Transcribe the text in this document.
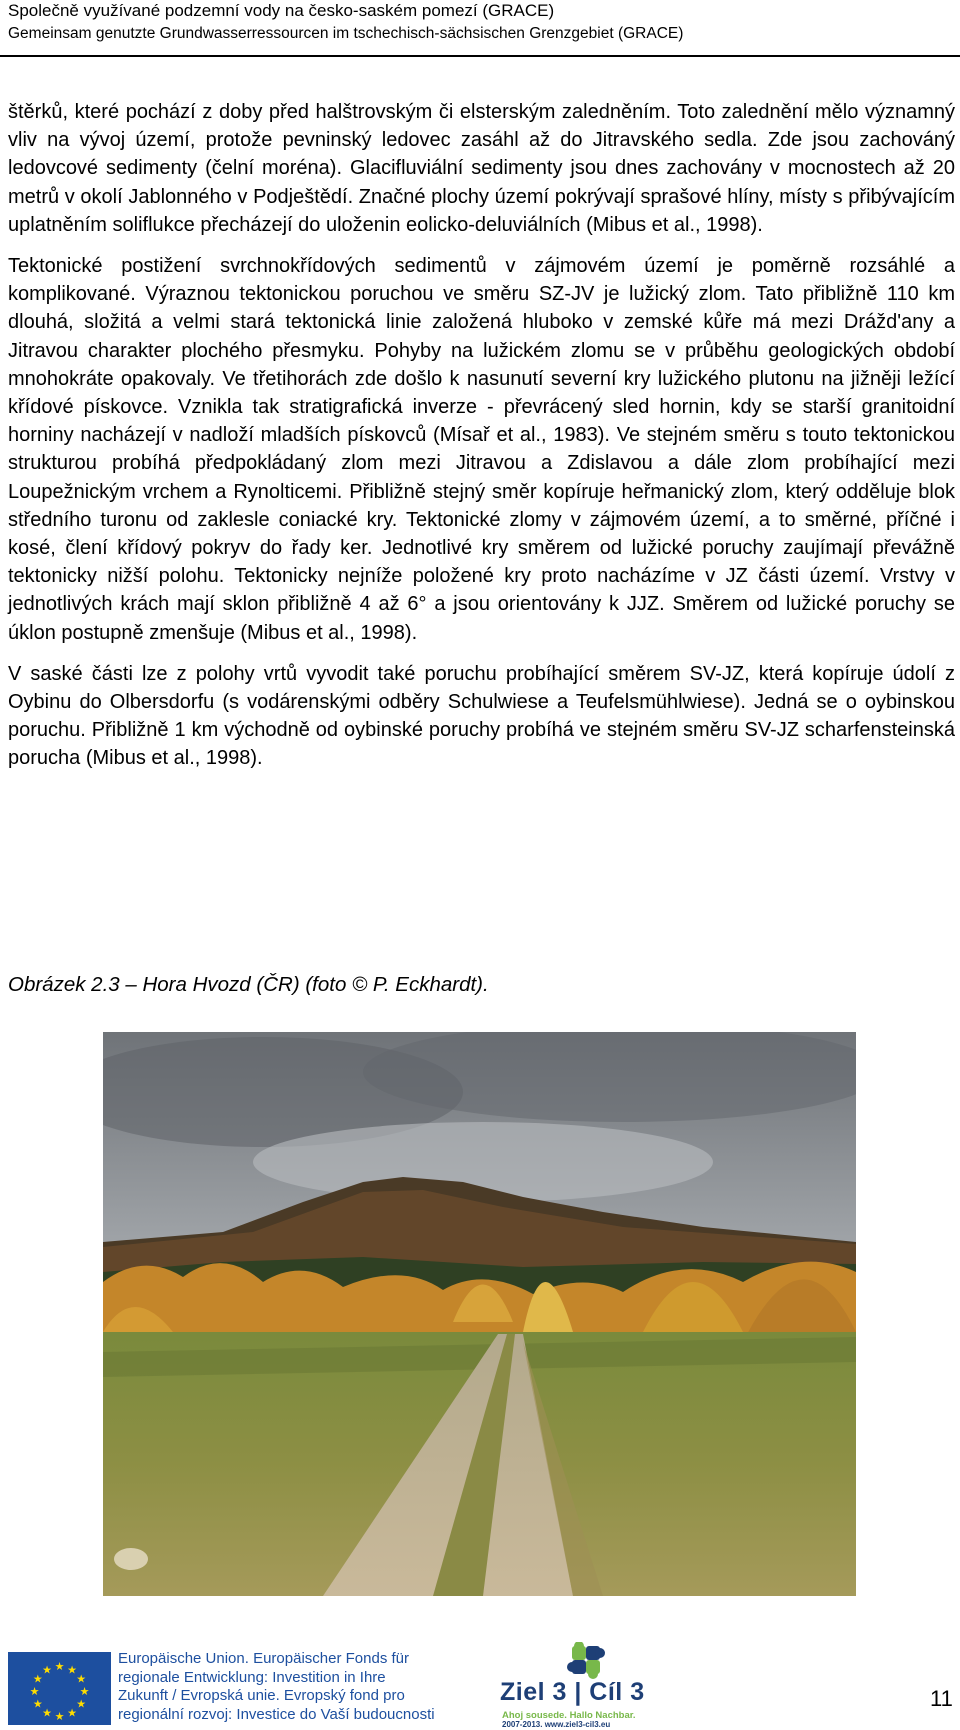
Společně využívané podzemní vody na česko-saském pomezí (GRACE)
Gemeinsam genutzte Grundwasserressourcen im tschechisch-sächsischen Grenzgebiet (GRACE)

štěrků, které pochází z doby před halštrovským či elsterským zaledněním. Toto zalednění mělo významný vliv na vývoj území, protože pevninský ledovec zasáhl až do Jitravského sedla. Zde jsou zachováný ledovcové sedimenty (čelní moréna). Glacifluviální sedimenty jsou dnes zachovány v mocnostech až 20 metrů v okolí Jablonného v Podještědí. Značné plochy území pokrývají sprašové hlíny, místy s přibývajícím uplatněním soliflukce přecházejí do uloženin eolicko-deluviálních (Mibus et al., 1998).

Tektonické postižení svrchnokřídových sedimentů v zájmovém území je poměrně rozsáhlé a komplikované. Výraznou tektonickou poruchou ve směru SZ-JV je lužický zlom. Tato přibližně 110 km dlouhá, složitá a velmi stará tektonická linie založená hluboko v zemské kůře má mezi Drážd'any a Jitravou charakter plochého přesmyku. Pohyby na lužickém zlomu se v průběhu geologických období mnohokráte opakovaly. Ve třetihorách zde došlo k nasunutí severní kry lužického plutonu na jižněji ležící křídové pískovce. Vznikla tak stratigrafická inverze - převrácený sled hornin, kdy se starší granitoidní horniny nacházejí v nadloží mladších pískovců (Mísař et al., 1983). Ve stejném směru s touto tektonickou strukturou probíhá předpokládaný zlom mezi Jitravou a Zdislavou a dále zlom probíhající mezi Loupežnickým vrchem a Rynolticemi. Přibližně stejný směr kopíruje heřmanický zlom, který odděluje blok středního turonu od zaklesle coniacké kry. Tektonické zlomy v zájmovém území, a to směrné, příčné i kosé, člení křídový pokryv do řady ker. Jednotlivé kry směrem od lužické poruchy zaujímají převážně tektonicky nižší polohu. Tektonicky nejníže položené kry proto nacházíme v JZ části území. Vrstvy v jednotlivých krách mají sklon přibližně 4 až 6° a jsou orientovány k JJZ. Směrem od lužické poruchy se úklon postupně zmenšuje (Mibus et al., 1998).

V saské části lze z polohy vrtů vyvodit také poruchu probíhající směrem SV-JZ, která kopíruje údolí z Oybinu do Olbersdorfu (s vodárenskými odběry Schulwiese a Teufelsmühlwiese). Jedná se o oybinskou poruchu. Přibližně 1 km východně od oybinské poruchy probíhá ve stejném směru SV-JZ scharfensteinská porucha (Mibus et al., 1998).

Obrázek 2.3 – Hora Hvozd (ČR) (foto © P. Eckhardt).
★ ★
★
★
★
★
★
★
★
★
★
★
Europäische Union. Europäischer Fonds für
regionale Entwicklung: Investition in Ihre
Zukunft / Evropská unie. Evropský fond pro
regionální rozvoj: Investice do Vaší budoucnosti
Ziel 3 | Cíl 3
Ahoj sousede. Hallo Nachbar.
2007-2013. www.ziel3-cil3.eu
11
